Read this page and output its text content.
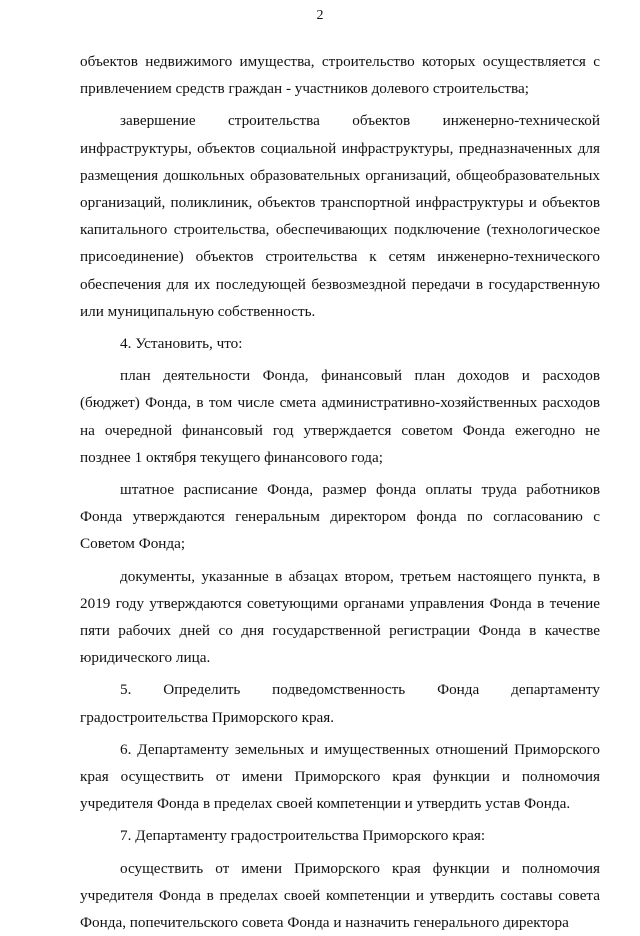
2

объектов недвижимого имущества, строительство которых осуществляется с привлечением средств граждан - участников долевого строительства;

завершение строительства объектов инженерно-технической инфраструктуры, объектов социальной инфраструктуры, предназначенных для размещения дошкольных образовательных организаций, общеобразовательных организаций, поликлиник, объектов транспортной инфраструктуры и объектов капитального строительства, обеспечивающих подключение (технологическое присоединение) объектов строительства к сетям инженерно-технического обеспечения для их последующей безвозмездной передачи в государственную или муниципальную собственность.

4. Установить, что:

план деятельности Фонда, финансовый план доходов и расходов (бюджет) Фонда, в том числе смета административно-хозяйственных расходов на очередной финансовый год утверждается советом Фонда ежегодно не позднее 1 октября текущего финансового года;

штатное расписание Фонда, размер фонда оплаты труда работников Фонда утверждаются генеральным директором фонда по согласованию с Советом Фонда;

документы, указанные в абзацах втором, третьем настоящего пункта, в 2019 году утверждаются советующими органами управления Фонда в течение пяти рабочих дней со дня государственной регистрации Фонда в качестве юридического лица.

5. Определить подведомственность Фонда департаменту градостроительства Приморского края.

6. Департаменту земельных и имущественных отношений Приморского края осуществить от имени Приморского края функции и полномочия учредителя Фонда в пределах своей компетенции и утвердить устав Фонда.

7. Департаменту градостроительства Приморского края:

осуществить от имени Приморского края функции и полномочия учредителя Фонда в пределах своей компетенции и утвердить составы совета Фонда, попечительского совета Фонда и назначить генерального директора
